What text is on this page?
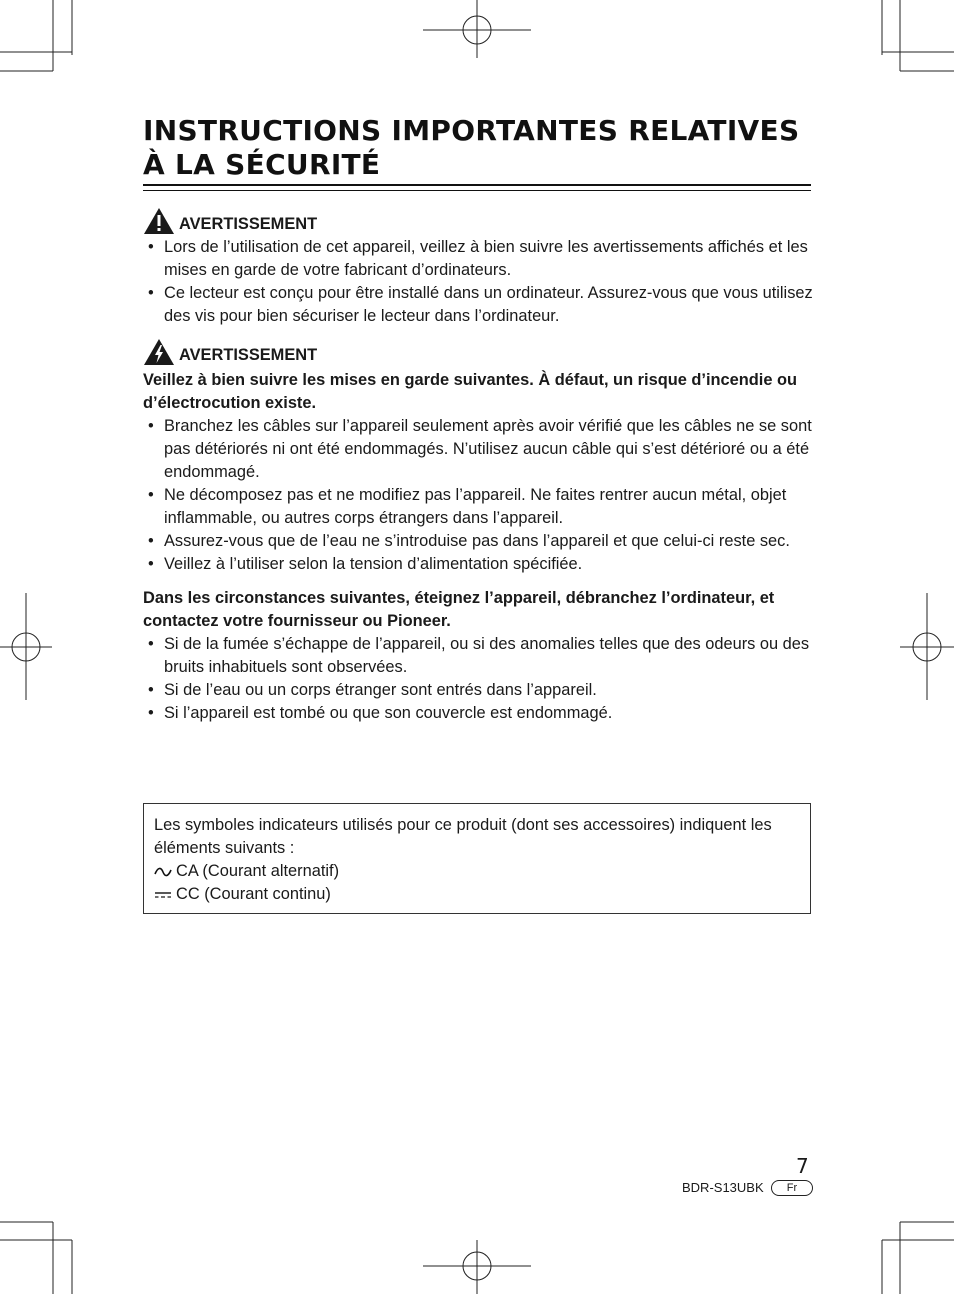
INSTRUCTIONS IMPORTANTES RELATIVES À LA SÉCURITÉ
AVERTISSEMENT
• Lors de l’utilisation de cet appareil, veillez à bien suivre les avertissements affichés et les mises en garde de votre fabricant d’ordinateurs.
• Ce lecteur est conçu pour être installé dans un ordinateur. Assurez-vous que vous utilisez des vis pour bien sécuriser le lecteur dans l’ordinateur.
AVERTISSEMENT

Veillez à bien suivre les mises en garde suivantes. À défaut, un risque d’incendie ou d’électrocution existe.

• Branchez les câbles sur l’appareil seulement après avoir vérifié que les câbles ne se sont pas détériorés ni ont été endommagés. N’utilisez aucun câble qui s’est détérioré ou a été endommagé.
• Ne décomposez pas et ne modifiez pas l’appareil. Ne faites rentrer aucun métal, objet inflammable, ou autres corps étrangers dans l’appareil.
• Assurez-vous que de l’eau ne s’introduise pas dans l’appareil et que celui-ci reste sec.
• Veillez à l’utiliser selon la tension d’alimentation spécifiée.

Dans les circonstances suivantes, éteignez l’appareil, débranchez l’ordinateur, et contactez votre fournisseur ou Pioneer.

• Si de la fumée s’échappe de l’appareil, ou si des anomalies telles que des odeurs ou des bruits inhabituels sont observées.
• Si de l’eau ou un corps étranger sont entrés dans l’appareil.
• Si l’appareil est tombé ou que son couvercle est endommagé.
Les symboles indicateurs utilisés pour ce produit (dont ses accessoires) indiquent les éléments suivants :
CA (Courant alternatif)
CC (Courant continu)
7
BDR-S13UBK	Fr
